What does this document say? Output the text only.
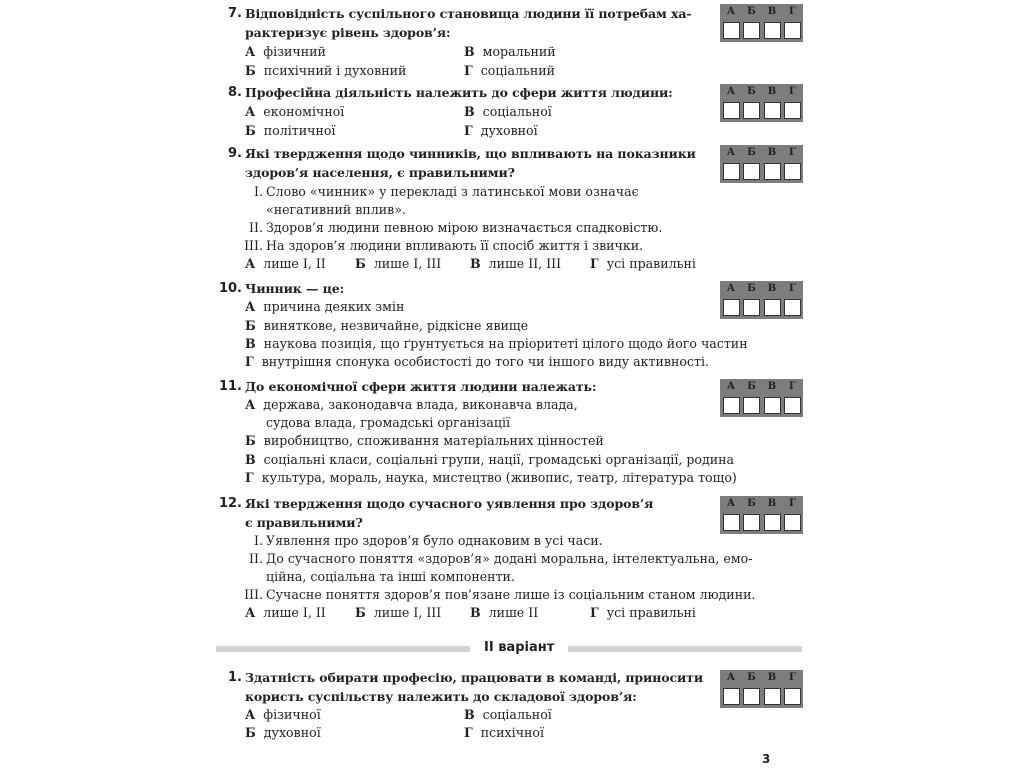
7. Відповідність суспільного становища людини її потребам ха-
рактеризує рівень здоров’я:
А фізичний	В моральний
Б психічний і духовний	Г соціальний
8. Професійна діяльність належить до сфери життя людини:
А економічної	В соціальної
Б політичної	Г духовної
9. Які твердження щодо чинників, що впливають на показники
здоров’я населення, є правильними?
I. Слово «чинник» у перекладі з латинської мови означає
«негативний вплив».
II. Здоров’я людини певною мірою визначається спадковістю.
III. На здоров’я людини впливають її спосіб життя і звички.
А лише I, II Б лише I, III В лише II, III Г усі правильні
10. Чинник — це:
А причина деяких змін
Б виняткове, незвичайне, рідкісне явище
В наукова позиція, що ґрунтується на пріоритеті цілого щодо його частин
Г внутрішня спонука особистості до того чи іншого виду активності.
11. До економічної сфери життя людини належать:
А держава, законодавча влада, виконавча влада,
судова влада, громадські організації
Б виробництво, споживання матеріальних цінностей
В соціальні класи, соціальні групи, нації, громадські організації, родина
Г культура, мораль, наука, мистецтво (живопис, театр, література тощо)
12. Які твердження щодо сучасного уявлення про здоров’я
є правильними?
I. Уявлення про здоров’я було однаковим в усі часи.
II. До сучасного поняття «здоров’я» додані моральна, інтелектуальна, емо-
ційна, соціальна та інші компоненти.
III. Сучасне поняття здоров’я пов’язане лише із соціальним станом людини.
А лише I, II Б лише I, III В лише II	Г усі правильні
II варіант
1. Здатність обирати професію, працювати в команді, приносити
користь суспільству належить до складової здоров’я:
А фізичної	В соціальної
Б духовної	Г психічної
А	Б	В	Г
А	Б	В	Г
А	Б	В	Г
А	Б	В	Г
А	Б	В	Г
А	Б	В	Г
А	Б	В	Г
3
